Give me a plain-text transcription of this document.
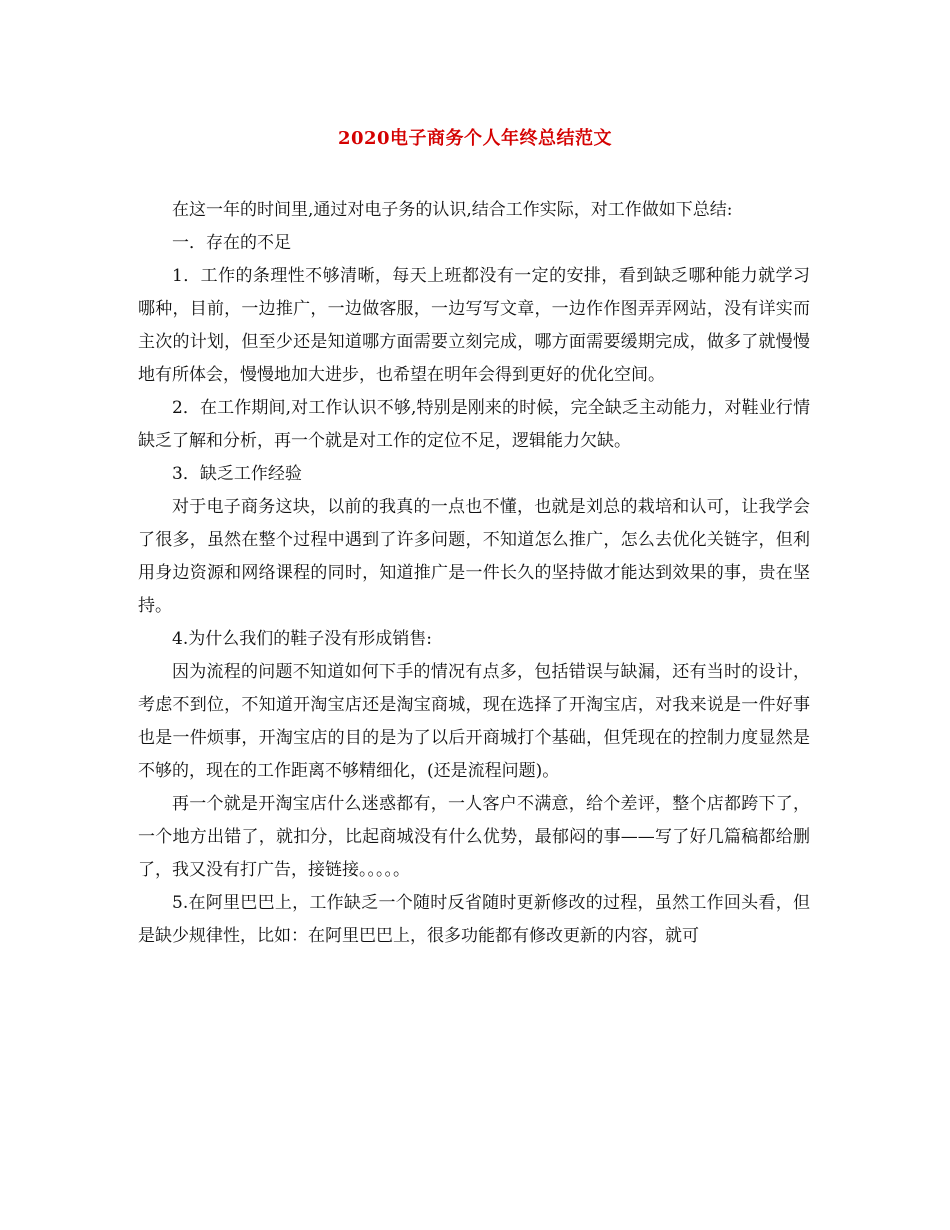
2020电子商务个人年终总结范文

在这一年的时间里,通过对电子务的认识,结合工作实际，对工作做如下总结:

一．存在的不足

1．工作的条理性不够清晰，每天上班都没有一定的安排，看到缺乏哪种能力就学习哪种，目前，一边推广，一边做客服，一边写写文章，一边作作图弄弄网站，没有详实而主次的计划，但至少还是知道哪方面需要立刻完成，哪方面需要缓期完成，做多了就慢慢地有所体会，慢慢地加大进步，也希望在明年会得到更好的优化空间。

2．在工作期间,对工作认识不够,特别是刚来的时候，完全缺乏主动能力，对鞋业行情缺乏了解和分析，再一个就是对工作的定位不足，逻辑能力欠缺。

3．缺乏工作经验

对于电子商务这块，以前的我真的一点也不懂，也就是刘总的栽培和认可，让我学会了很多，虽然在整个过程中遇到了许多问题，不知道怎么推广，怎么去优化关链字，但利用身边资源和网络课程的同时，知道推广是一件长久的坚持做才能达到效果的事，贵在坚持。

4.为什么我们的鞋子没有形成销售:

因为流程的问题不知道如何下手的情况有点多，包括错误与缺漏，还有当时的设计，考虑不到位，不知道开淘宝店还是淘宝商城，现在选择了开淘宝店，对我来说是一件好事也是一件烦事，开淘宝店的目的是为了以后开商城打个基础，但凭现在的控制力度显然是不够的，现在的工作距离不够精细化，(还是流程问题)。

再一个就是开淘宝店什么迷惑都有，一人客户不满意，给个差评，整个店都跨下了，一个地方出错了，就扣分，比起商城没有什么优势，最郁闷的事——写了好几篇稿都给删了，我又没有打广告，接链接。。。。。

5.在阿里巴巴上，工作缺乏一个随时反省随时更新修改的过程，虽然工作回头看，但是缺少规律性，比如：在阿里巴巴上，很多功能都有修改更新的内容，就可
